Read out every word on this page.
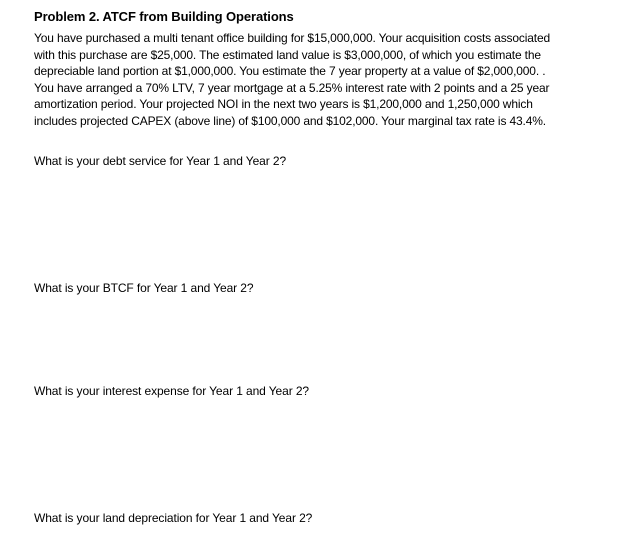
Problem 2. ATCF from Building Operations
You have purchased a multi tenant office building for $15,000,000. Your acquisition costs associated
with this purchase are $25,000. The estimated land value is $3,000,000, of which you estimate the
depreciable land portion at $1,000,000. You estimate the 7 year property at a value of $2,000,000. .
You have arranged a 70% LTV, 7 year mortgage at a 5.25% interest rate with 2 points and a 25 year
amortization period. Your projected NOI in the next two years is $1,200,000 and 1,250,000 which
includes projected CAPEX (above line) of $100,000 and $102,000. Your marginal tax rate is 43.4%.
What is your debt service for Year 1 and Year 2?
What is your BTCF for Year 1 and Year 2?
What is your interest expense for Year 1 and Year 2?
What is your land depreciation for Year 1 and Year 2?
